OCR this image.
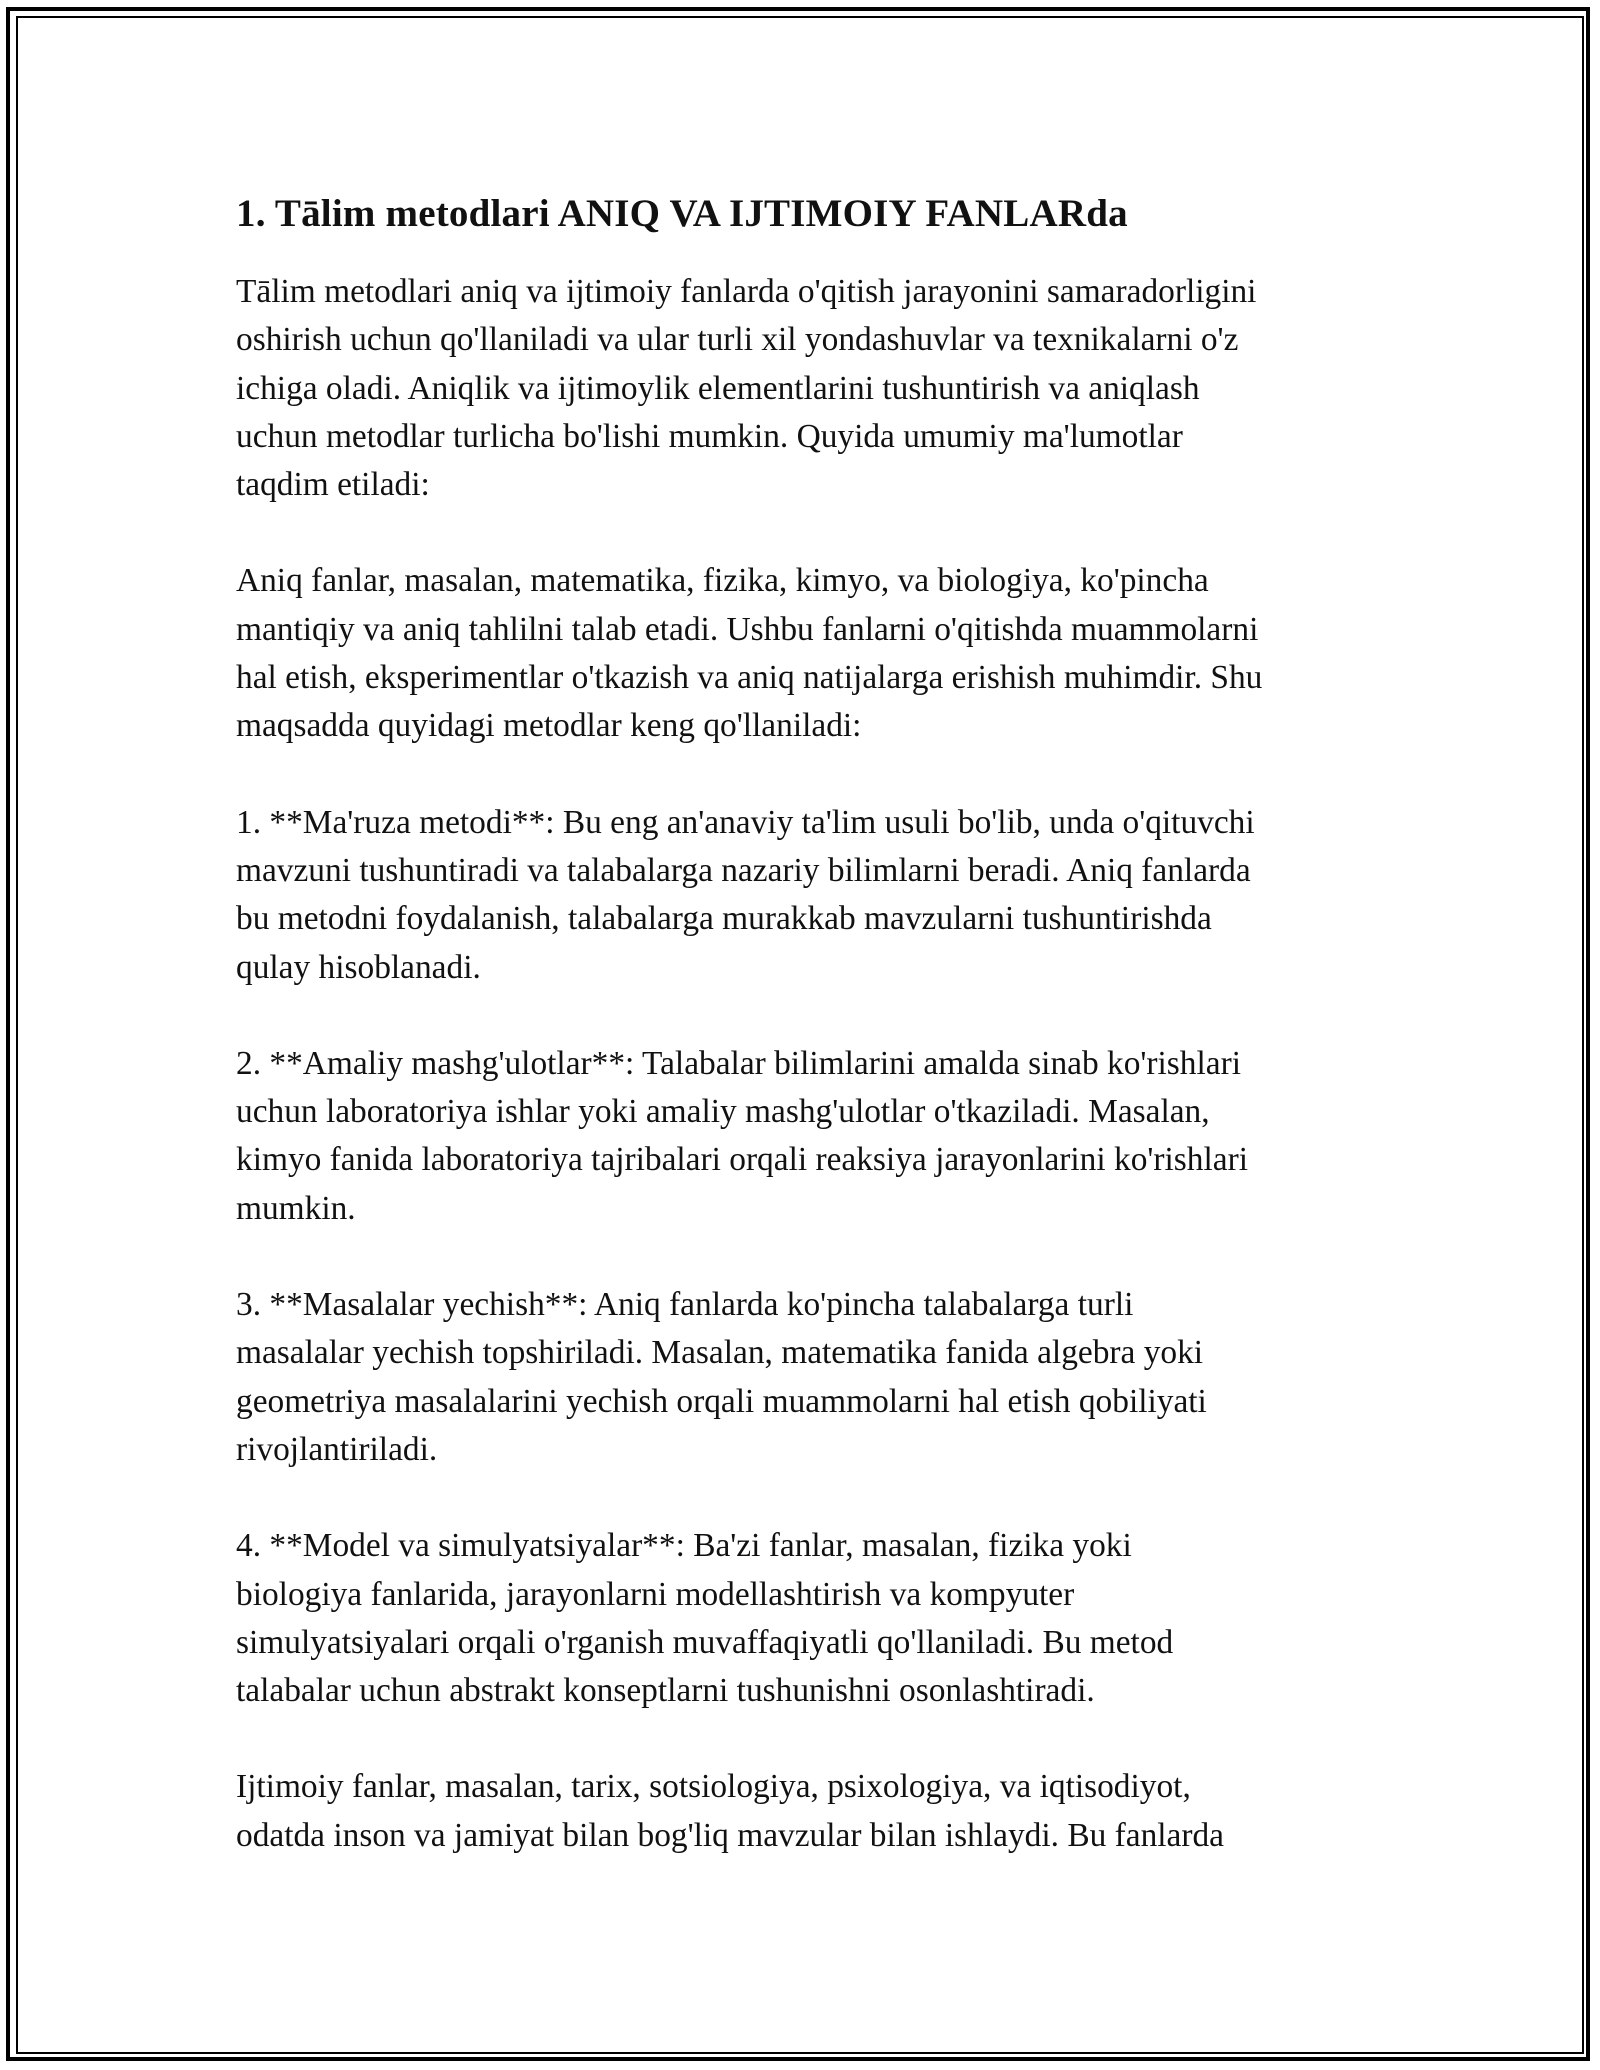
1. Tālim metodlari ANIQ VA IJTIMOIY FANLARda

Tālim metodlari aniq va ijtimoiy fanlarda o'qitish jarayonini samaradorligini
oshirish uchun qo'llaniladi va ular turli xil yondashuvlar va texnikalarni o'z
ichiga oladi. Aniqlik va ijtimoylik elementlarini tushuntirish va aniqlash
uchun metodlar turlicha bo'lishi mumkin. Quyida umumiy ma'lumotlar
taqdim etiladi:

Aniq fanlar, masalan, matematika, fizika, kimyo, va biologiya, ko'pincha
mantiqiy va aniq tahlilni talab etadi. Ushbu fanlarni o'qitishda muammolarni
hal etish, eksperimentlar o'tkazish va aniq natijalarga erishish muhimdir. Shu
maqsadda quyidagi metodlar keng qo'llaniladi:

1. **Ma'ruza metodi**: Bu eng an'anaviy ta'lim usuli bo'lib, unda o'qituvchi
mavzuni tushuntiradi va talabalarga nazariy bilimlarni beradi. Aniq fanlarda
bu metodni foydalanish, talabalarga murakkab mavzularni tushuntirishda
qulay hisoblanadi.

2. **Amaliy mashg'ulotlar**: Talabalar bilimlarini amalda sinab ko'rishlari
uchun laboratoriya ishlar yoki amaliy mashg'ulotlar o'tkaziladi. Masalan,
kimyo fanida laboratoriya tajribalari orqali reaksiya jarayonlarini ko'rishlari
mumkin.

3. **Masalalar yechish**: Aniq fanlarda ko'pincha talabalarga turli
masalalar yechish topshiriladi. Masalan, matematika fanida algebra yoki
geometriya masalalarini yechish orqali muammolarni hal etish qobiliyati
rivojlantiriladi.

4. **Model va simulyatsiyalar**: Ba'zi fanlar, masalan, fizika yoki
biologiya fanlarida, jarayonlarni modellashtirish va kompyuter
simulyatsiyalari orqali o'rganish muvaffaqiyatli qo'llaniladi. Bu metod
talabalar uchun abstrakt konseptlarni tushunishni osonlashtiradi.

Ijtimoiy fanlar, masalan, tarix, sotsiologiya, psixologiya, va iqtisodiyot,
odatda inson va jamiyat bilan bog'liq mavzular bilan ishlaydi. Bu fanlarda
